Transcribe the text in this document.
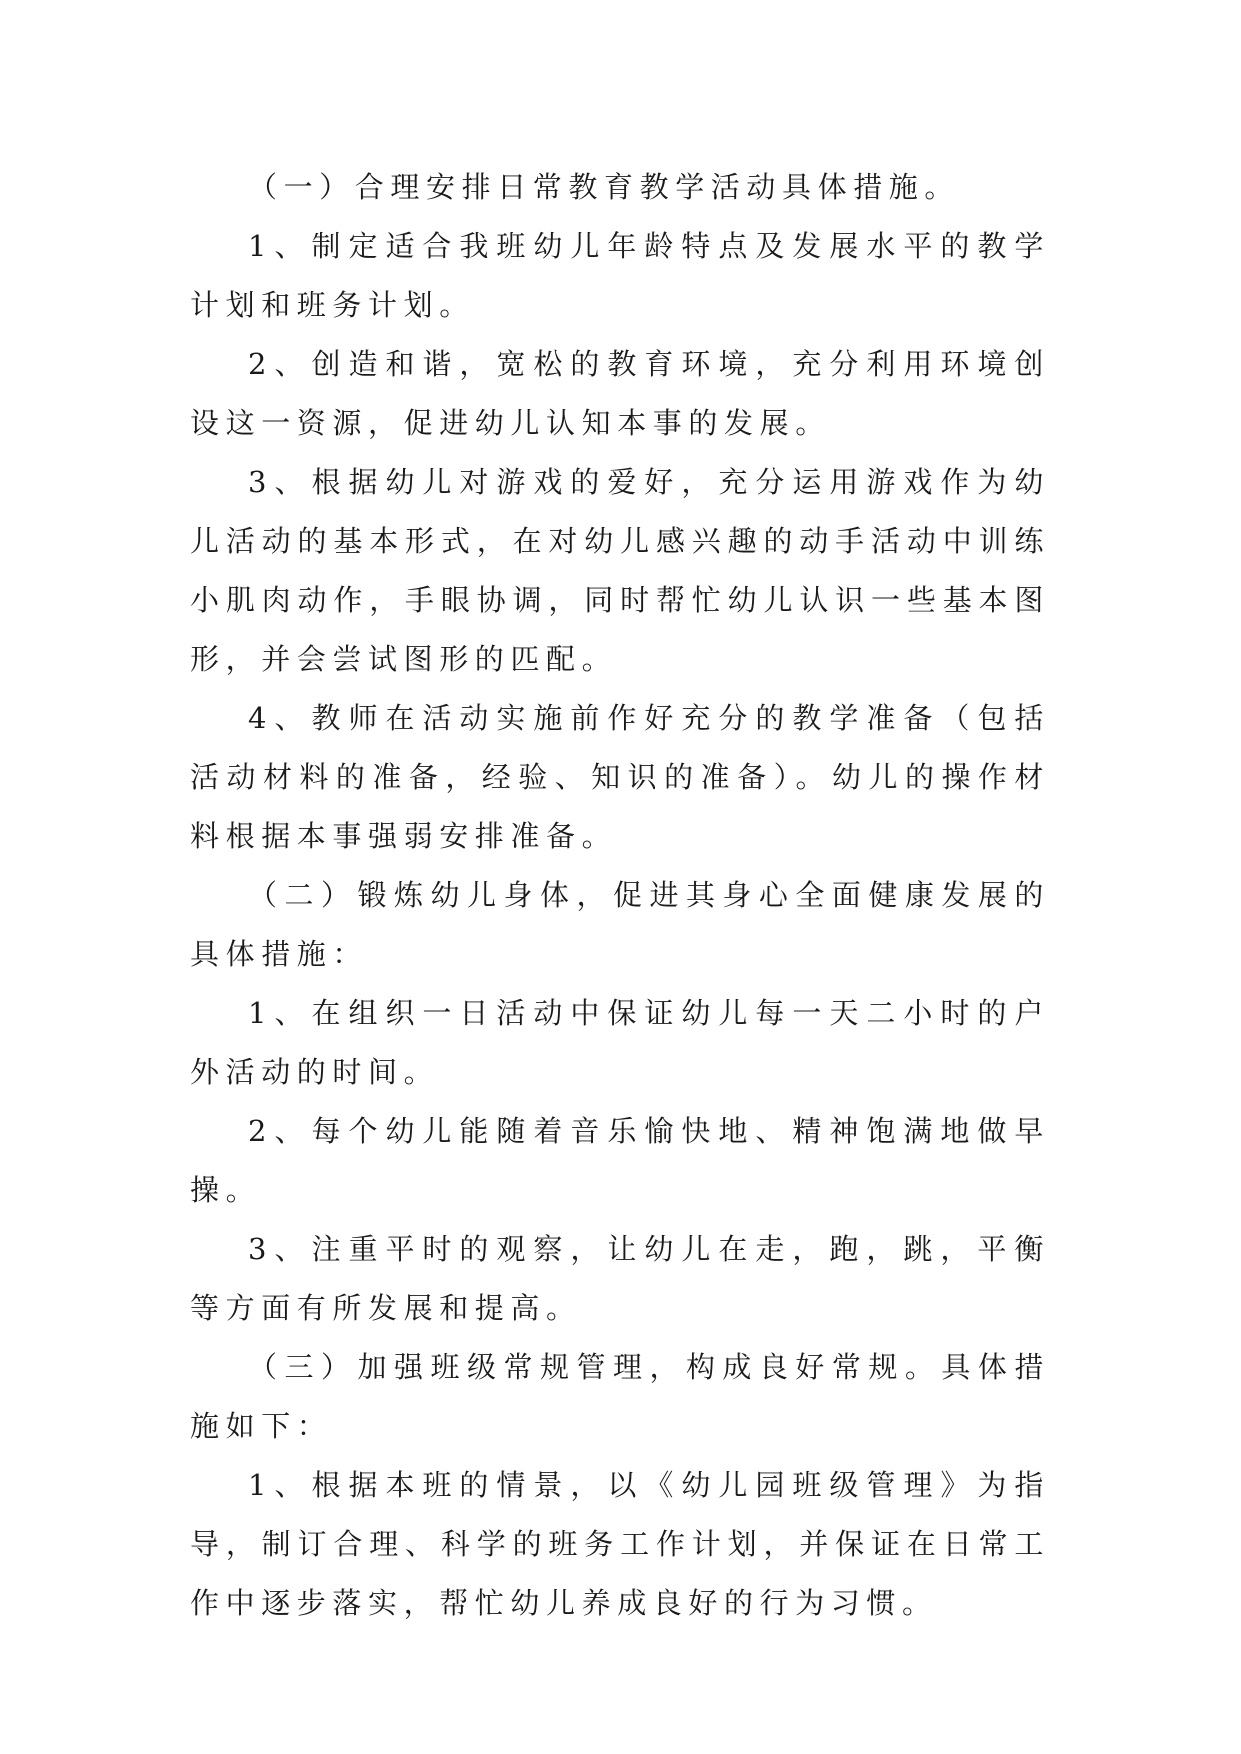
（一）合理安排日常教育教学活动具体措施。

1、制定适合我班幼儿年龄特点及发展水平的教学计划和班务计划。

2、创造和谐，宽松的教育环境，充分利用环境创设这一资源，促进幼儿认知本事的发展。

3、根据幼儿对游戏的爱好，充分运用游戏作为幼儿活动的基本形式，在对幼儿感兴趣的动手活动中训练小肌肉动作，手眼协调，同时帮忙幼儿认识一些基本图形，并会尝试图形的匹配。

4、教师在活动实施前作好充分的教学准备（包括活动材料的准备，经验、知识的准备）。幼儿的操作材料根据本事强弱安排准备。

（二）锻炼幼儿身体，促进其身心全面健康发展的具体措施：

1、在组织一日活动中保证幼儿每一天二小时的户外活动的时间。

2、每个幼儿能随着音乐愉快地、精神饱满地做早操。

3、注重平时的观察，让幼儿在走，跑，跳，平衡等方面有所发展和提高。

（三）加强班级常规管理，构成良好常规。具体措施如下：

1、根据本班的情景，以《幼儿园班级管理》为指导，制订合理、科学的班务工作计划，并保证在日常工作中逐步落实，帮忙幼儿养成良好的行为习惯。
